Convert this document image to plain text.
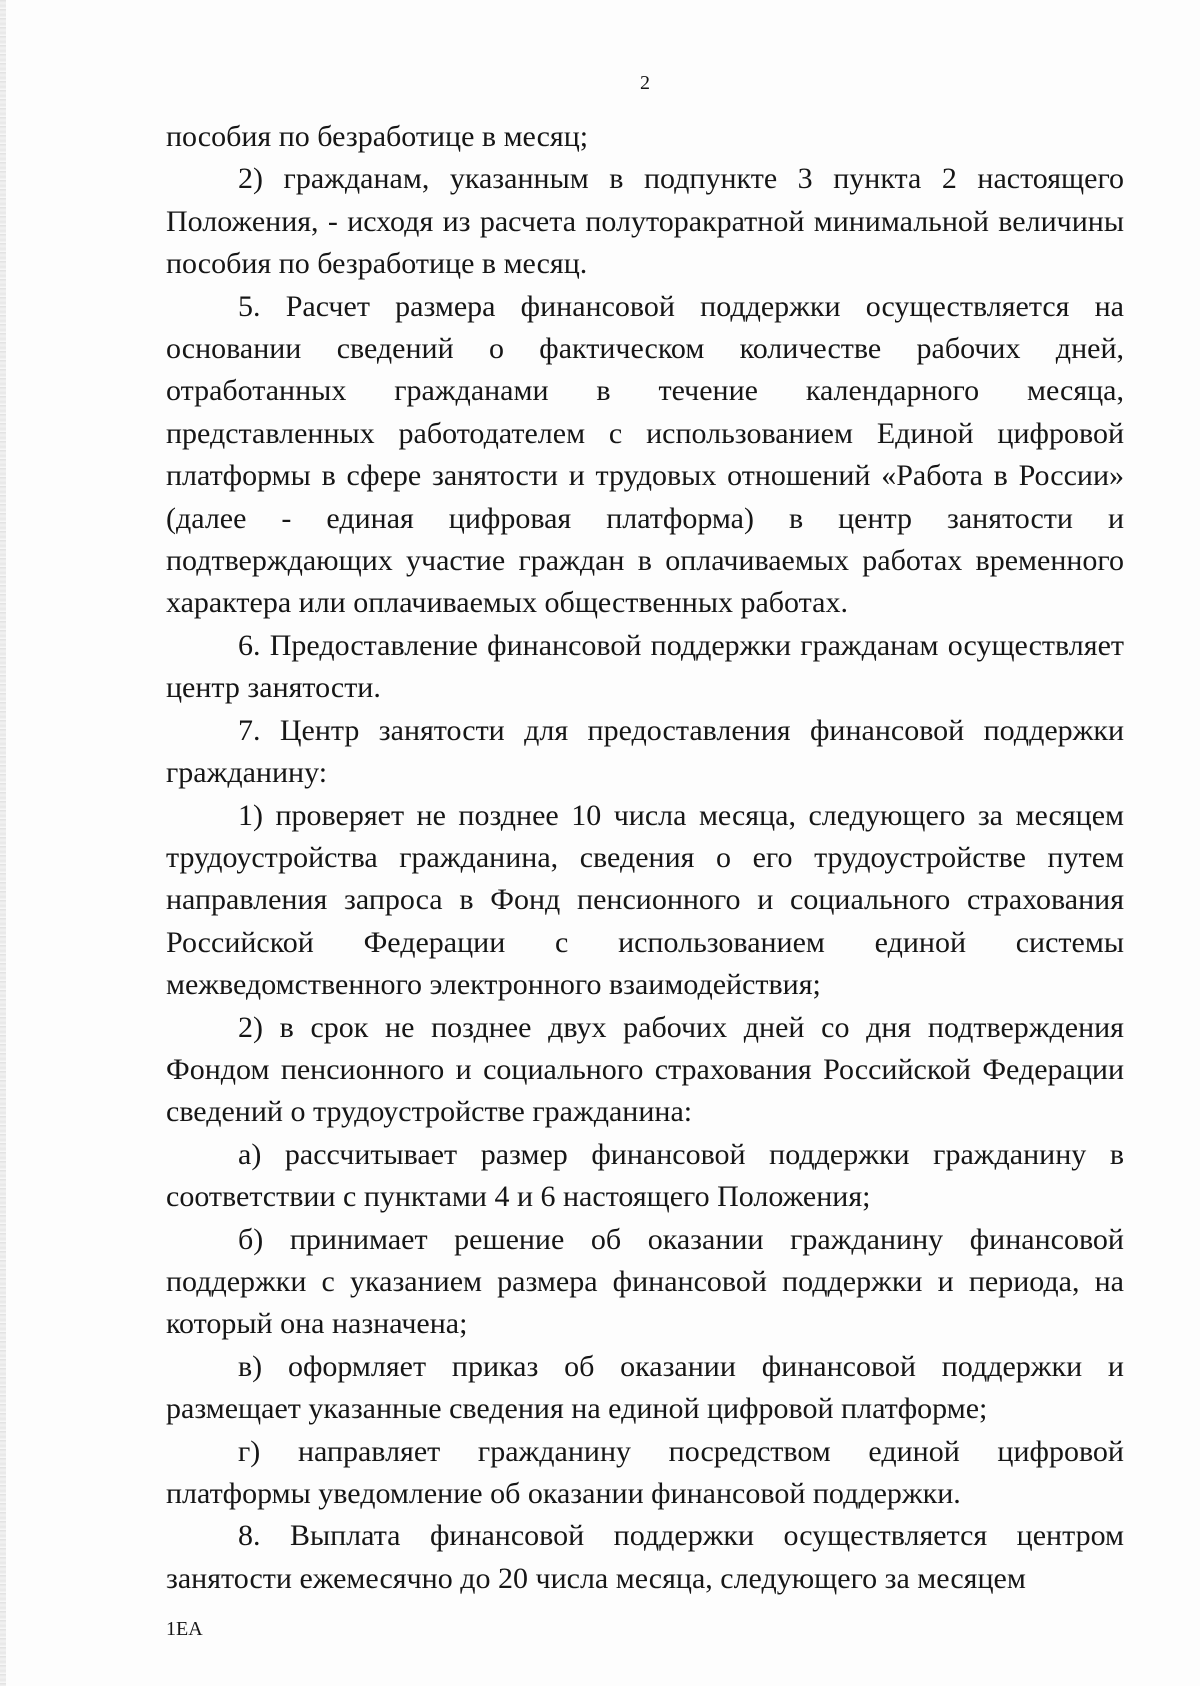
2

пособия по безработице в месяц;

2) гражданам, указанным в подпункте 3 пункта 2 настоящего Положения, - исходя из расчета полуторакратной минимальной величины пособия по безработице в месяц.

5. Расчет размера финансовой поддержки осуществляется на основании сведений о фактическом количестве рабочих дней, отработанных гражданами в течение календарного месяца, представленных работодателем с использованием Единой цифровой платформы в сфере занятости и трудовых отношений «Работа в России» (далее - единая цифровая платформа) в центр занятости и подтверждающих участие граждан в оплачиваемых работах временного характера или оплачиваемых общественных работах.

6. Предоставление финансовой поддержки гражданам осуществляет центр занятости.

7. Центр занятости для предоставления финансовой поддержки гражданину:

1) проверяет не позднее 10 числа месяца, следующего за месяцем трудоустройства гражданина, сведения о его трудоустройстве путем направления запроса в Фонд пенсионного и социального страхования Российской Федерации с использованием единой системы межведомственного электронного взаимодействия;

2) в срок не позднее двух рабочих дней со дня подтверждения Фондом пенсионного и социального страхования Российской Федерации сведений о трудоустройстве гражданина:

а) рассчитывает размер финансовой поддержки гражданину в соответствии с пунктами 4 и 6 настоящего Положения;

б) принимает решение об оказании гражданину финансовой поддержки с указанием размера финансовой поддержки и периода, на который она назначена;

в) оформляет приказ об оказании финансовой поддержки и размещает указанные сведения на единой цифровой платформе;

г) направляет гражданину посредством единой цифровой платформы уведомление об оказании финансовой поддержки.

8. Выплата финансовой поддержки осуществляется центром занятости ежемесячно до 20 числа месяца, следующего за месяцем

1EA
